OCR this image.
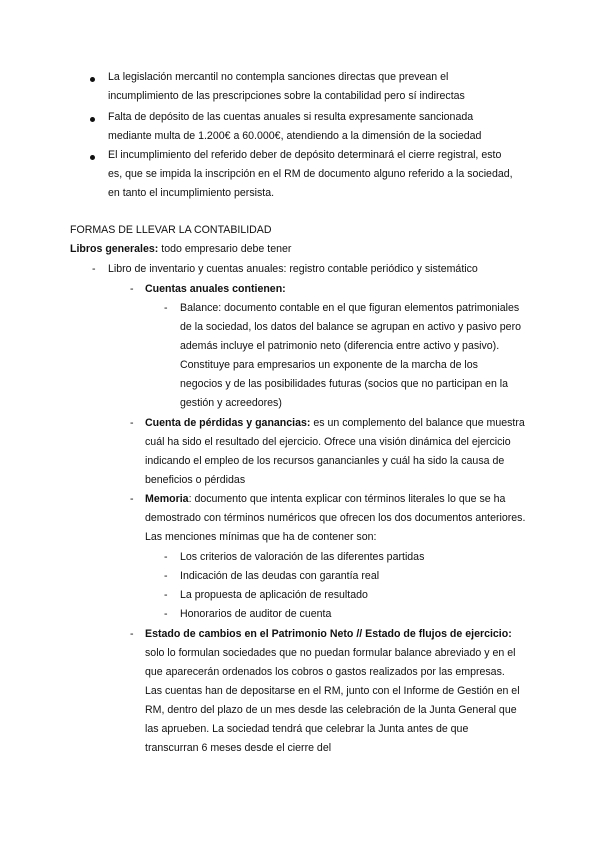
La legislación mercantil no contempla sanciones directas que prevean el incumplimiento de las prescripciones sobre la contabilidad pero sí indirectas

Falta de depósito de las cuentas anuales si resulta expresamente sancionada mediante multa de 1.200€ a 60.000€, atendiendo a la dimensión de la sociedad

El incumplimiento del referido deber de depósito determinará el cierre registral, esto es, que se impida la inscripción en el RM de documento alguno referido a la sociedad, en tanto el incumplimiento persista.

FORMAS DE LLEVAR LA CONTABILIDAD

Libros generales: todo empresario debe tener

- Libro de inventario y cuentas anuales: registro contable periódico y sistemático

- Cuentas anuales contienen:

- Balance: documento contable en el que figuran elementos patrimoniales de la sociedad, los datos del balance se agrupan en activo y pasivo pero además incluye el patrimonio neto (diferencia entre activo y pasivo). Constituye para empresarios un exponente de la marcha de los negocios y de las posibilidades futuras (socios que no participan en la gestión y acreedores)

- Cuenta de pérdidas y ganancias: es un complemento del balance que muestra cuál ha sido el resultado del ejercicio. Ofrece una visión dinámica del ejercicio indicando el empleo de los recursos ganancianles y cuál ha sido la causa de beneficios o pérdidas

- Memoria: documento que intenta explicar con términos literales lo que se ha demostrado con términos numéricos que ofrecen los dos documentos anteriores. Las menciones mínimas que ha de contener son:

- Los criterios de valoración de las diferentes partidas

- Indicación de las deudas con garantía real

- La propuesta de aplicación de resultado

- Honorarios de auditor de cuenta

- Estado de cambios en el Patrimonio Neto // Estado de flujos de ejercicio: solo lo formulan sociedades que no puedan formular balance abreviado y en el que aparecerán ordenados los cobros o gastos realizados por las empresas. Las cuentas han de depositarse en el RM, junto con el Informe de Gestión en el RM, dentro del plazo de un mes desde las celebración de la Junta General que las aprueben. La sociedad tendrá que celebrar la Junta antes de que transcurran 6 meses desde el cierre del
